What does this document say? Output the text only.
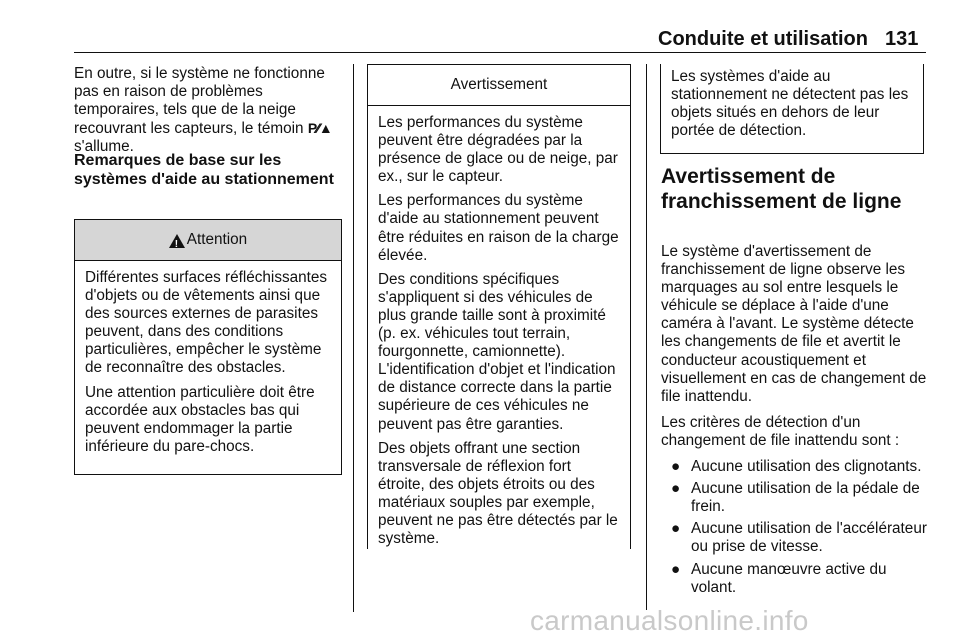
Conduite et utilisation 131
En outre, si le système ne fonctionne pas en raison de problèmes temporaires, tels que de la neige recouvrant les capteurs, le témoin P⁄⁄▲ s'allume.
Remarques de base sur les systèmes d'aide au stationnement
!
Attention

Différentes surfaces réfléchissantes d'objets ou de vêtements ainsi que des sources externes de parasites peuvent, dans des conditions particulières, empêcher le système de reconnaître des obstacles.

Une attention particulière doit être accordée aux obstacles bas qui peuvent endommager la partie inférieure du pare-chocs.

Avertissement

Les performances du système peuvent être dégradées par la présence de glace ou de neige, par ex., sur le capteur.

Les performances du système d'aide au stationnement peuvent être réduites en raison de la charge élevée.

Des conditions spécifiques s'appliquent si des véhicules de plus grande taille sont à proximité (p. ex. véhicules tout terrain, fourgonnette, camionnette). L'identification d'objet et l'indication de distance correcte dans la partie supérieure de ces véhicules ne peuvent pas être garanties.

Des objets offrant une section transversale de réflexion fort étroite, des objets étroits ou des matériaux souples par exemple, peuvent ne pas être détectés par le système.

Les systèmes d'aide au stationnement ne détectent pas les objets situés en dehors de leur portée de détection.

Avertissement de franchissement de ligne

Le système d'avertissement de franchissement de ligne observe les marquages au sol entre lesquels le véhicule se déplace à l'aide d'une caméra à l'avant. Le système détecte les changements de file et avertit le conducteur acoustiquement et visuellement en cas de changement de file inattendu.

Les critères de détection d'un changement de file inattendu sont :

● Aucune utilisation des clignotants.
● Aucune utilisation de la pédale de frein.
● Aucune utilisation de l'accélérateur ou prise de vitesse.
● Aucune manœuvre active du volant.
carmanualsonline.info
